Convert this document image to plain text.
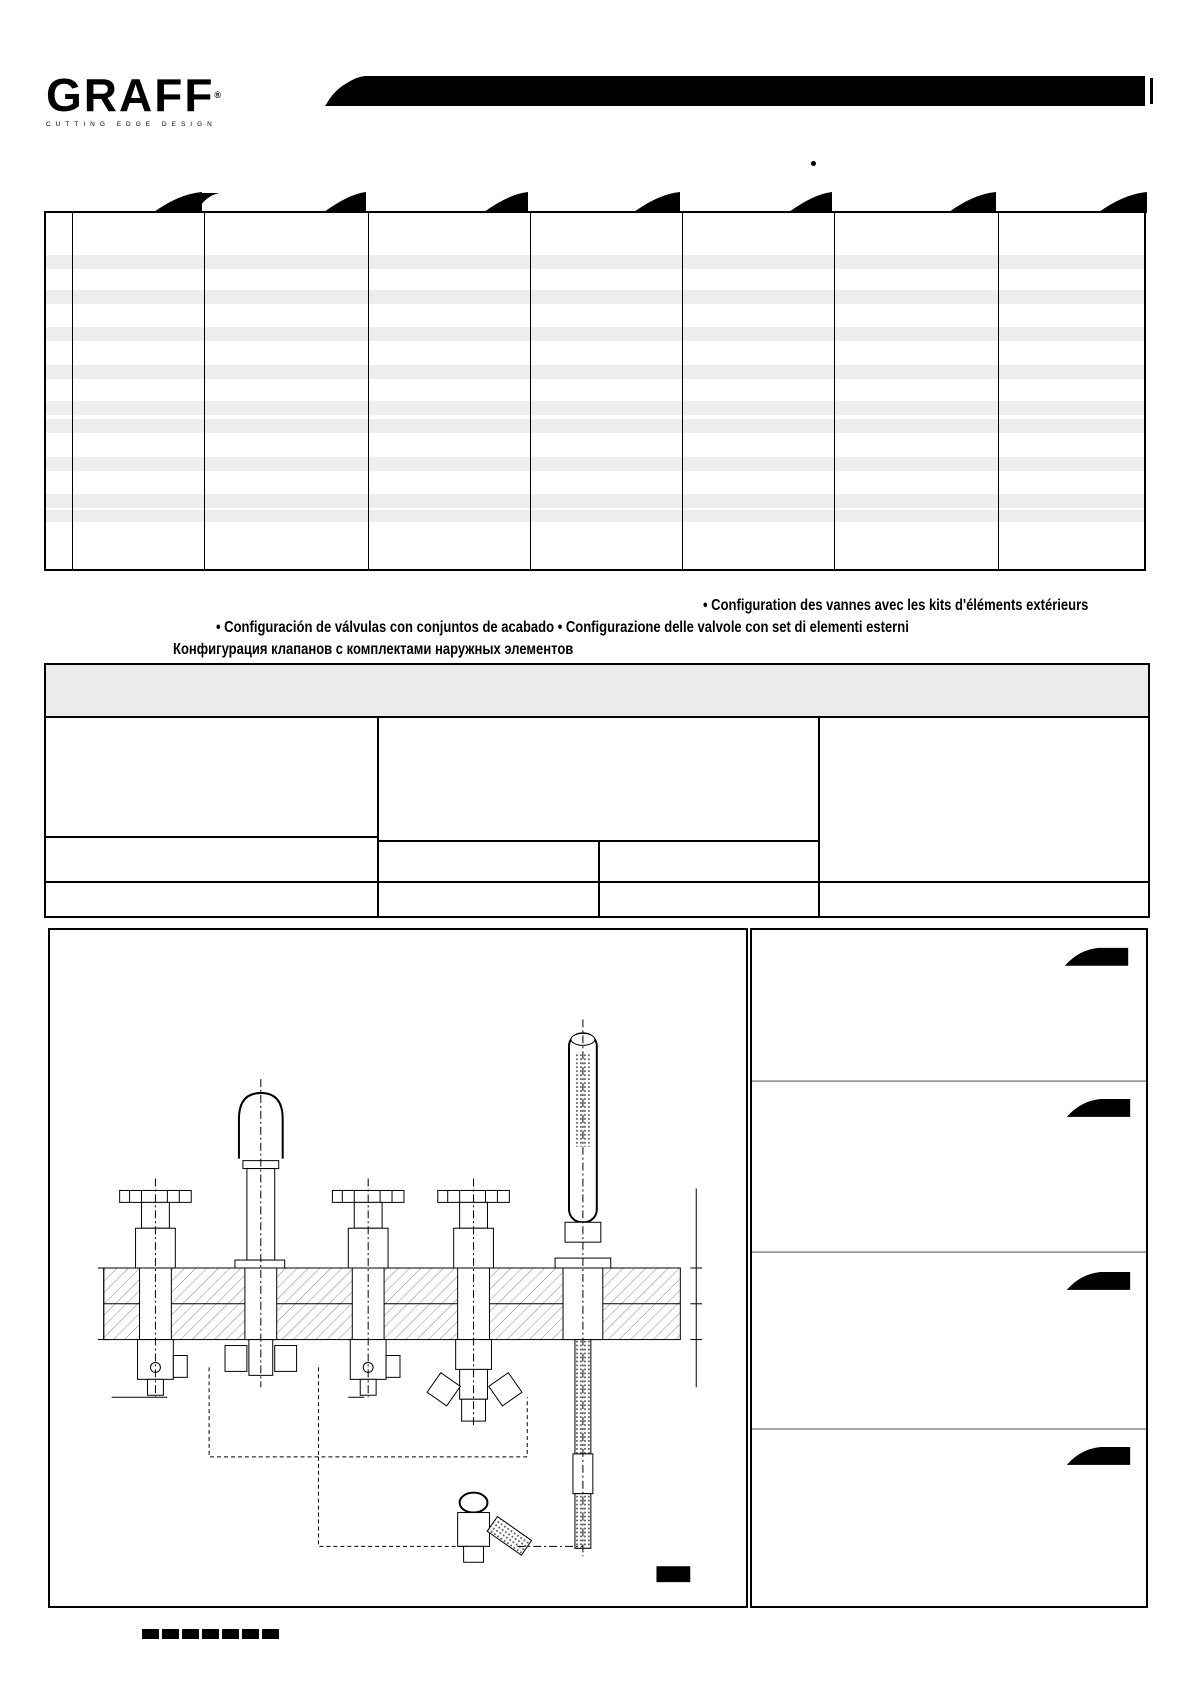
GRAFF®
CUTTING EDGE DESIGN
• Configuration des vannes avec les kits d'éléments extérieurs
• Configuración de válvulas con conjuntos de acabado • Configurazione delle valvole con set di elementi esterni
Конфигурация клапанов с комплектами наружных элементов
